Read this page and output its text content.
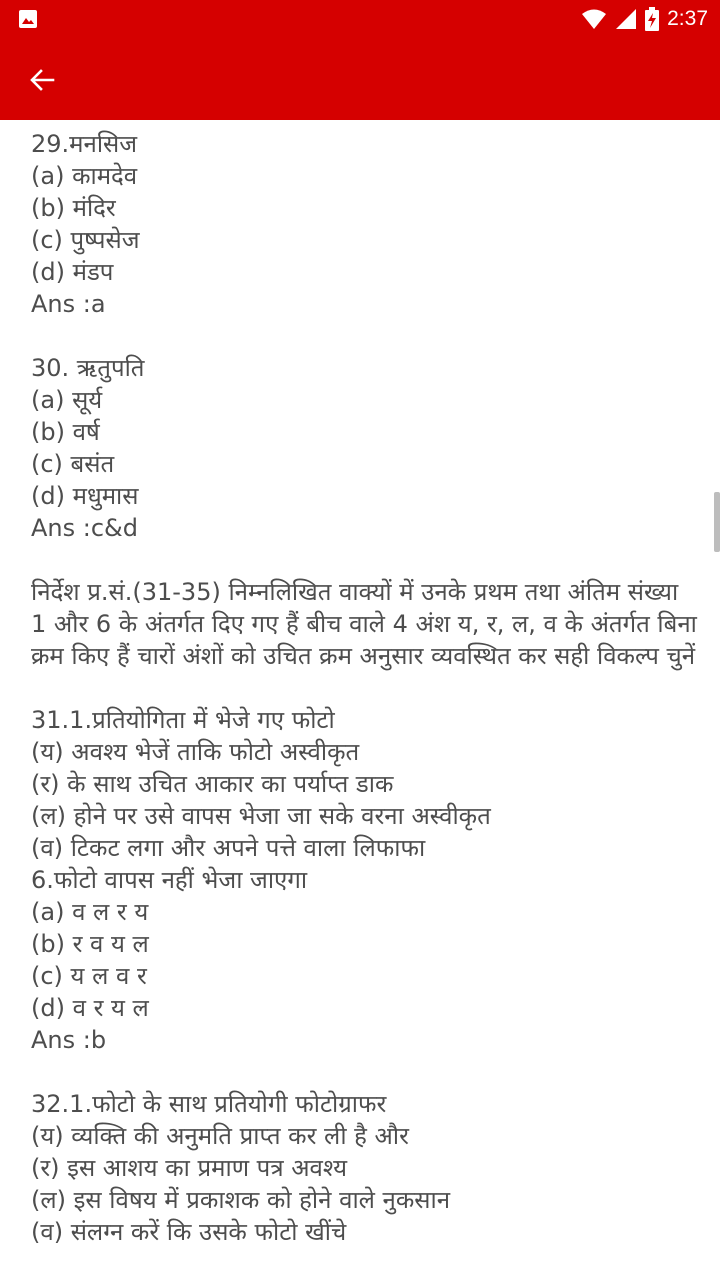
2:37
29.मनसिज
(a) कामदेव
(b) मंदिर
(c) पुष्पसेज
(d) मंडप
Ans :a
30. ऋतुपति
(a) सूर्य
(b) वर्ष
(c) बसंत
(d) मधुमास
Ans :c&d
निर्देश प्र.सं.(31-35) निम्नलिखित वाक्यों में उनके प्रथम तथा अंतिम संख्या 1 और 6 के अंतर्गत दिए गए हैं बीच वाले 4 अंश य, र, ल, व के अंतर्गत बिना क्रम किए हैं चारों अंशों को उचित क्रम अनुसार व्यवस्थित कर सही विकल्प चुनें
31.1.प्रतियोगिता में भेजे गए फोटो
(य) अवश्य भेजें ताकि फोटो अस्वीकृत
(र) के साथ उचित आकार का पर्याप्त डाक
(ल) होने पर उसे वापस भेजा जा सके वरना अस्वीकृत
(व) टिकट लगा और अपने पत्ते वाला लिफाफा
6.फोटो वापस नहीं भेजा जाएगा
(a) व ल र य
(b) र व य ल
(c) य ल व र
(d) व र य ल
Ans :b
32.1.फोटो के साथ प्रतियोगी फोटोग्राफर
(य) व्यक्ति की अनुमति प्राप्त कर ली है और
(र) इस आशय का प्रमाण पत्र अवश्य
(ल) इस विषय में प्रकाशक को होने वाले नुकसान
(व) संलग्न करें कि उसके फोटो खींचे
